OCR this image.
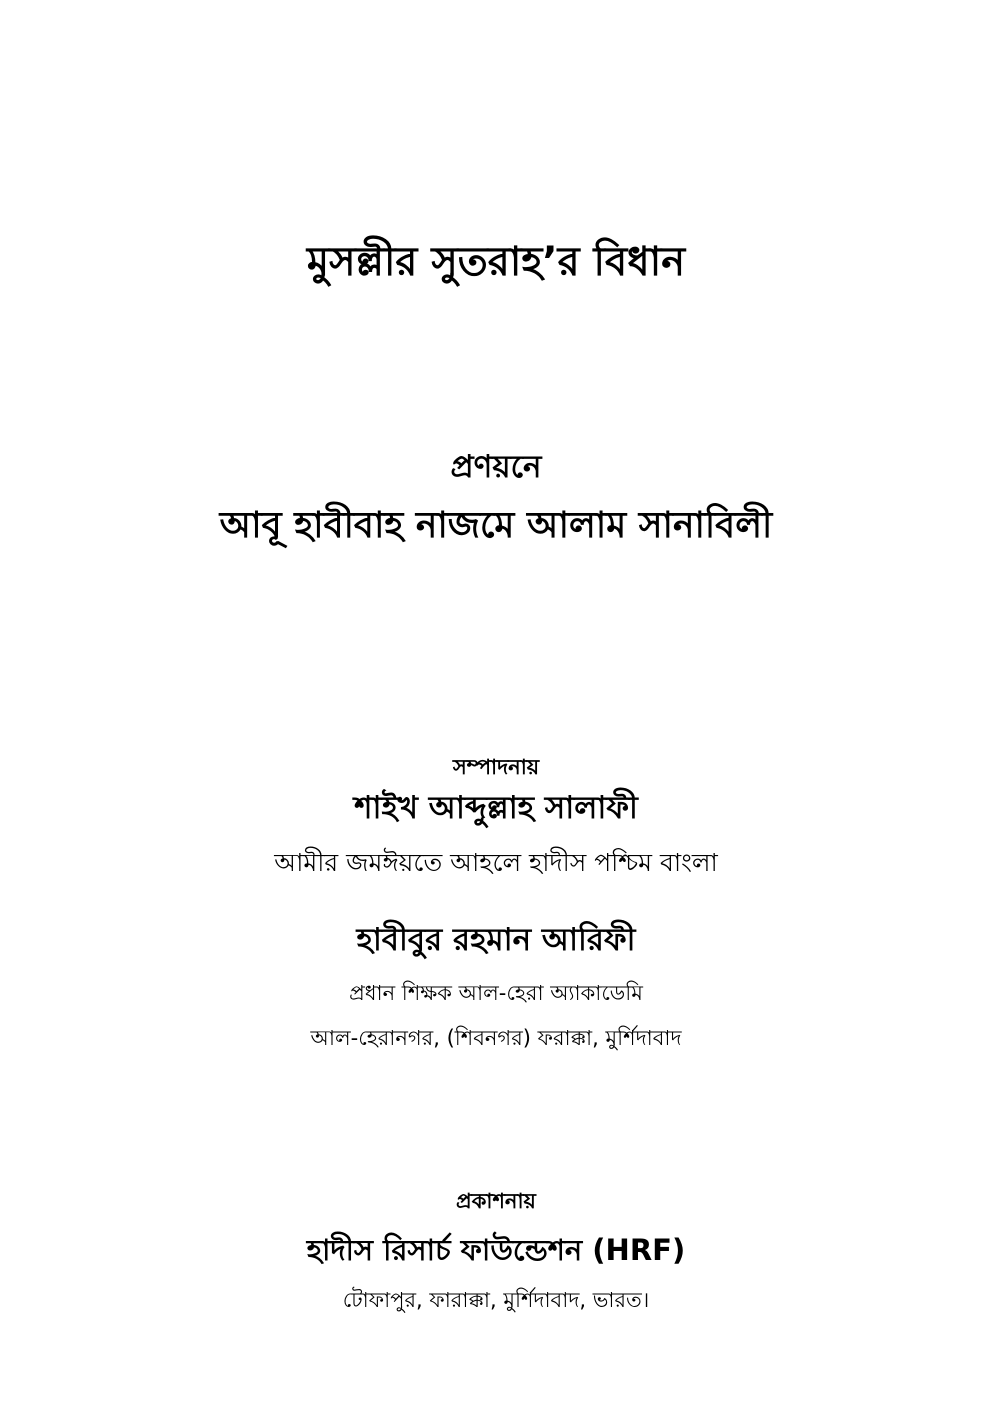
মুসল্লীর সুতরাহ’র বিধান
প্রণয়নে
আবূ হাবীবাহ নাজমে আলাম সানাবিলী
সম্পাদনায়
শাইখ আব্দুল্লাহ সালাফী
আমীর জমঈয়তে আহলে হাদীস পশ্চিম বাংলা
হাবীবুর রহমান আরিফী
প্রধান শিক্ষক আল-হেরা অ্যাকাডেমি
আল-হেরানগর, (শিবনগর) ফরাক্কা, মুর্শিদাবাদ
প্রকাশনায়
হাদীস রিসার্চ ফাউন্ডেশন (HRF)
টোফাপুর, ফারাক্কা, মুর্শিদাবাদ, ভারত।
